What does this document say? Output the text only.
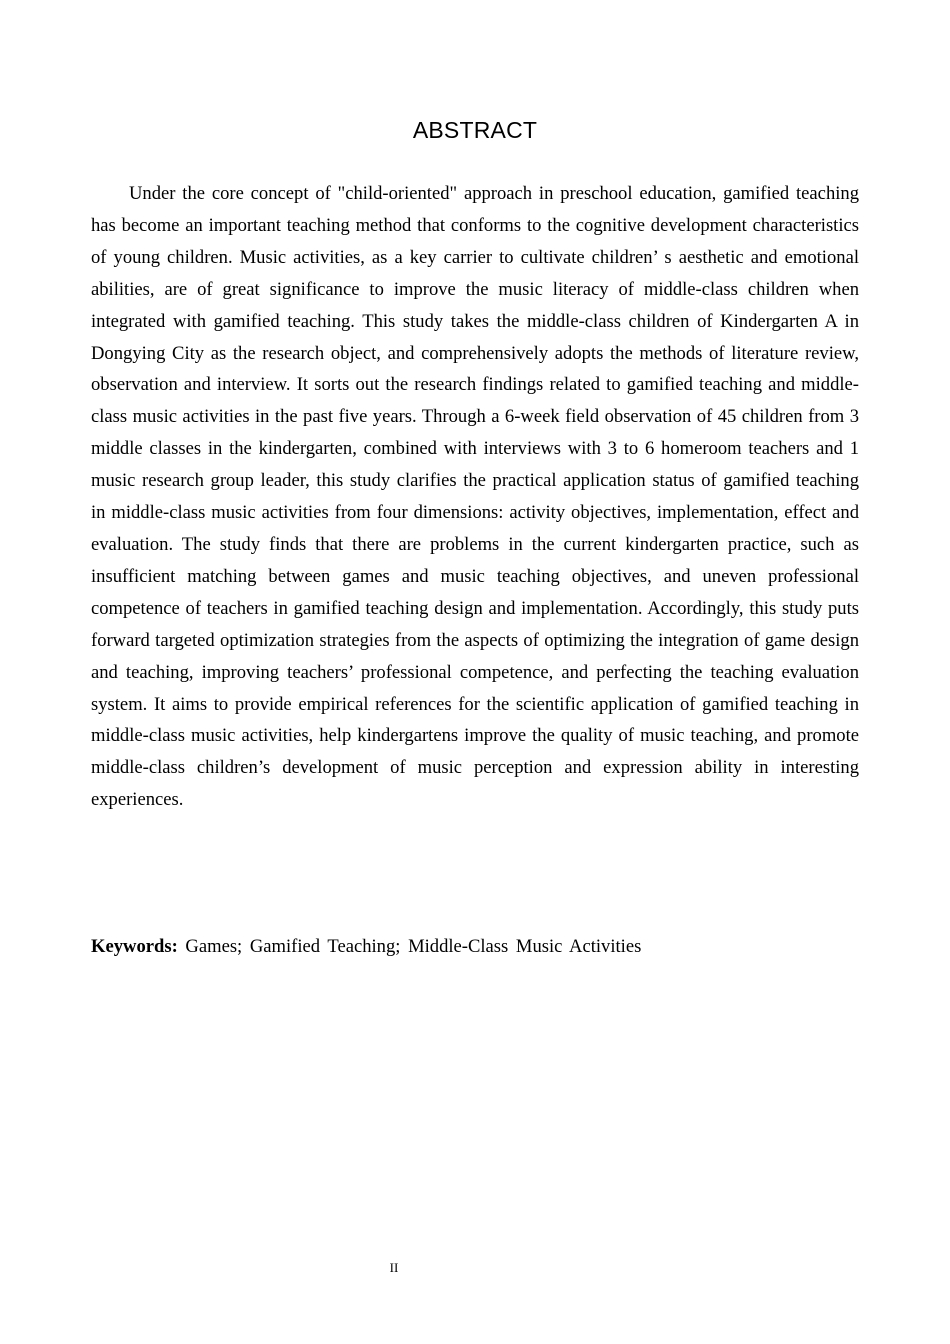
ABSTRACT

Under the core concept of "child-oriented" approach in preschool education, gamified teaching has become an important teaching method that conforms to the cognitive development characteristics of young children. Music activities, as a key carrier to cultivate children’ s aesthetic and emotional abilities, are of great significance to improve the music literacy of middle-class children when integrated with gamified teaching. This study takes the middle-class children of Kindergarten A in Dongying City as the research object, and comprehensively adopts the methods of literature review, observation and interview. It sorts out the research findings related to gamified teaching and middle-class music activities in the past five years. Through a 6-week field observation of 45 children from 3 middle classes in the kindergarten, combined with interviews with 3 to 6 homeroom teachers and 1 music research group leader, this study clarifies the practical application status of gamified teaching in middle-class music activities from four dimensions: activity objectives, implementation, effect and evaluation. The study finds that there are problems in the current kindergarten practice, such as insufficient matching between games and music teaching objectives, and uneven professional competence of teachers in gamified teaching design and implementation. Accordingly, this study puts forward targeted optimization strategies from the aspects of optimizing the integration of game design and teaching, improving teachers’ professional competence, and perfecting the teaching evaluation system. It aims to provide empirical references for the scientific application of gamified teaching in middle-class music activities, help kindergartens improve the quality of music teaching, and promote middle-class children’s development of music perception and expression ability in interesting experiences.

Keywords: Games; Gamified Teaching; Middle-Class Music Activities

II
